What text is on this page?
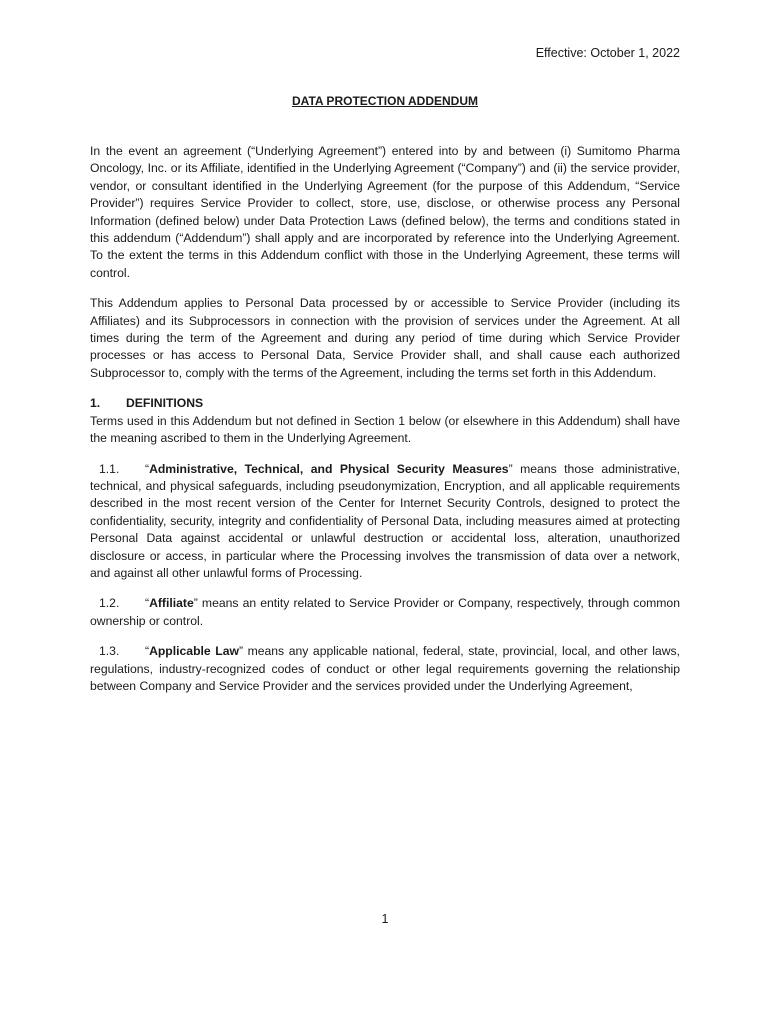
Effective: October 1, 2022
DATA PROTECTION ADDENDUM

In the event an agreement (“Underlying Agreement”) entered into by and between (i) Sumitomo Pharma Oncology, Inc. or its Affiliate, identified in the Underlying Agreement (“Company”) and (ii) the service provider, vendor, or consultant identified in the Underlying Agreement (for the purpose of this Addendum, “Service Provider”) requires Service Provider to collect, store, use, disclose, or otherwise process any Personal Information (defined below) under Data Protection Laws (defined below), the terms and conditions stated in this addendum (“Addendum”) shall apply and are incorporated by reference into the Underlying Agreement. To the extent the terms in this Addendum conflict with those in the Underlying Agreement, these terms will control.

This Addendum applies to Personal Data processed by or accessible to Service Provider (including its Affiliates) and its Subprocessors in connection with the provision of services under the Agreement. At all times during the term of the Agreement and during any period of time during which Service Provider processes or has access to Personal Data, Service Provider shall, and shall cause each authorized Subprocessor to, comply with the terms of the Agreement, including the terms set forth in this Addendum.

1. DEFINITIONS

Terms used in this Addendum but not defined in Section 1 below (or elsewhere in this Addendum) shall have the meaning ascribed to them in the Underlying Agreement.

1.1. “Administrative, Technical, and Physical Security Measures” means those administrative, technical, and physical safeguards, including pseudonymization, Encryption, and all applicable requirements described in the most recent version of the Center for Internet Security Controls, designed to protect the confidentiality, security, integrity and confidentiality of Personal Data, including measures aimed at protecting Personal Data against accidental or unlawful destruction or accidental loss, alteration, unauthorized disclosure or access, in particular where the Processing involves the transmission of data over a network, and against all other unlawful forms of Processing.

1.2. “Affiliate” means an entity related to Service Provider or Company, respectively, through common ownership or control.

1.3. “Applicable Law” means any applicable national, federal, state, provincial, local, and other laws, regulations, industry-recognized codes of conduct or other legal requirements governing the relationship between Company and Service Provider and the services provided under the Underlying Agreement,

1
